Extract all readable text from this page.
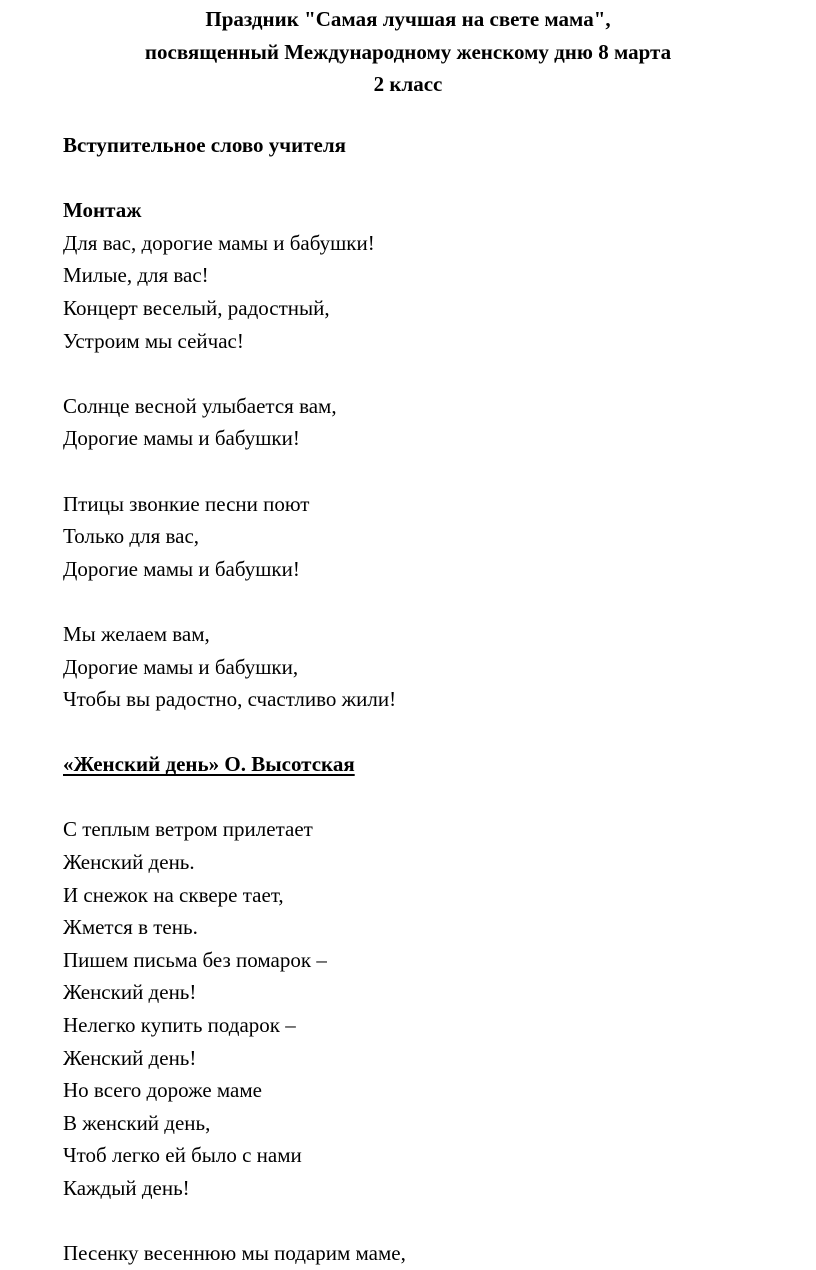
Праздник "Самая лучшая на свете мама",
посвященный Международному женскому дню 8 марта
2 класс
Вступительное слово учителя
Монтаж
Для вас, дорогие мамы и бабушки!
Милые, для вас!
Концерт веселый, радостный,
Устроим мы сейчас!
Солнце весной улыбается вам,
Дорогие мамы и бабушки!
Птицы звонкие песни поют
Только для вас,
Дорогие мамы и бабушки!
Мы желаем вам,
Дорогие мамы и бабушки,
Чтобы вы радостно, счастливо жили!
«Женский день» О. Высотская
С теплым ветром прилетает
Женский день.
И снежок на сквере тает,
Жмется в тень.
Пишем письма без помарок –
Женский день!
Нелегко купить подарок –
Женский день!
Но всего дороже маме
В женский день,
Чтоб легко ей было с нами
Каждый день!
Песенку весеннюю мы подарим маме,
